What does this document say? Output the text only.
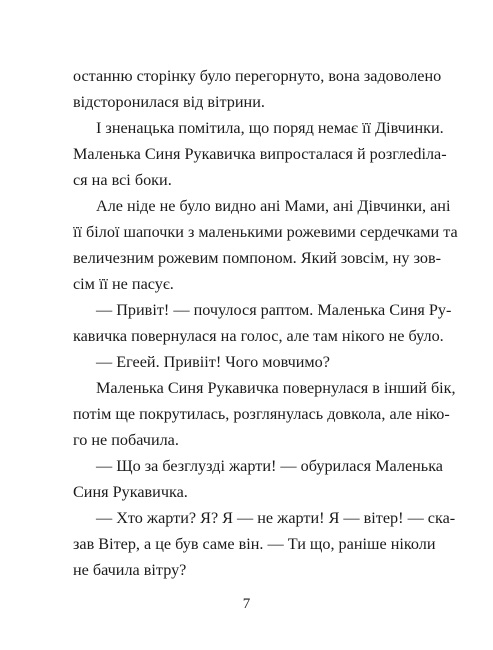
останню сторінку було перегорнуто, вона задоволено

відсторонилася від вітрини.

І зненацька помітила, що поряд немає її Дівчинки.

Маленька Синя Рукавичка випросталася й розглediла-

ся на всі боки.

Але ніде не було видно ані Мами, ані Дівчинки, ані

її білої шапочки з маленькими рожевими сердечками та

величезним рожевим помпоном. Який зовсім, ну зов-

сім її не пасує.

— Привіт! — почулося раптом. Маленька Синя Ру-

кавичка повернулася на голос, але там нікого не було.

— Егеей. Привііт! Чого мовчимо?

Маленька Синя Рукавичка повернулася в інший бік,

потім ще покрутилась, розглянулась довкола, але ніко-

го не побачила.

— Що за безглузді жарти! — обурилася Маленька

Синя Рукавичка.

— Хто жарти? Я? Я — не жарти! Я — вітер! — ска-

зав Вітер, а це був саме він. — Ти що, раніше ніколи

не бачила вітру?

7
